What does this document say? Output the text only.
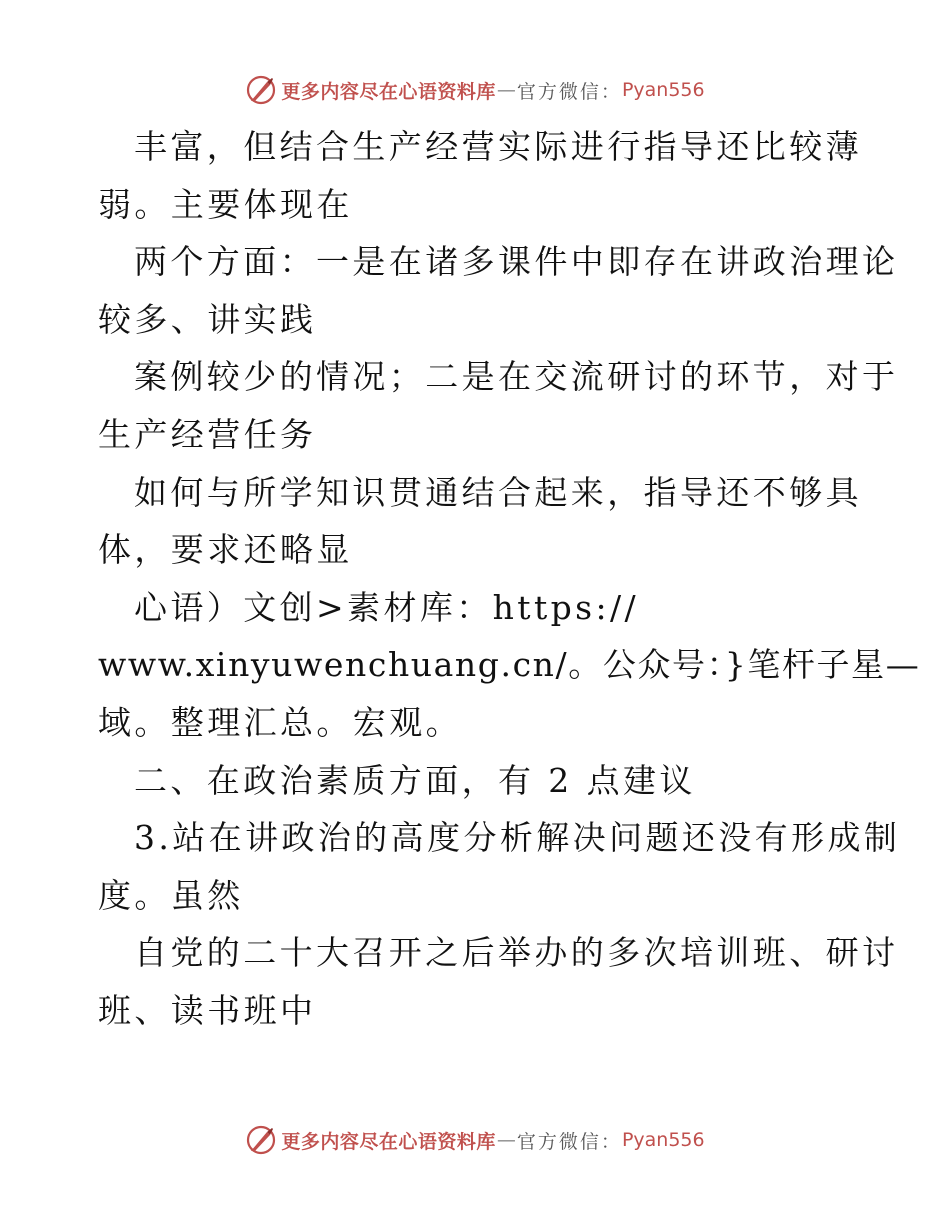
更多内容尽在心语资料库 — 官方微信： Pyan556
丰富，但结合生产经营实际进行指导还比较薄
弱。主要体现在
两个方面：一是在诸多课件中即存在讲政治理论
较多、讲实践
案例较少的情况；二是在交流研讨的环节，对于
生产经营任务
如何与所学知识贯通结合起来，指导还不够具
体，要求还略显
心语）文创>素材库：https://
www.xinyuwenchuang.cn/。公众号：}笔杆子星—
域。整理汇总。宏观。
二、在政治素质方面，有 2 点建议
3.站在讲政治的高度分析解决问题还没有形成制
度。虽然
自党的二十大召开之后举办的多次培训班、研讨
班、读书班中
更多内容尽在心语资料库 — 官方微信： Pyan556
